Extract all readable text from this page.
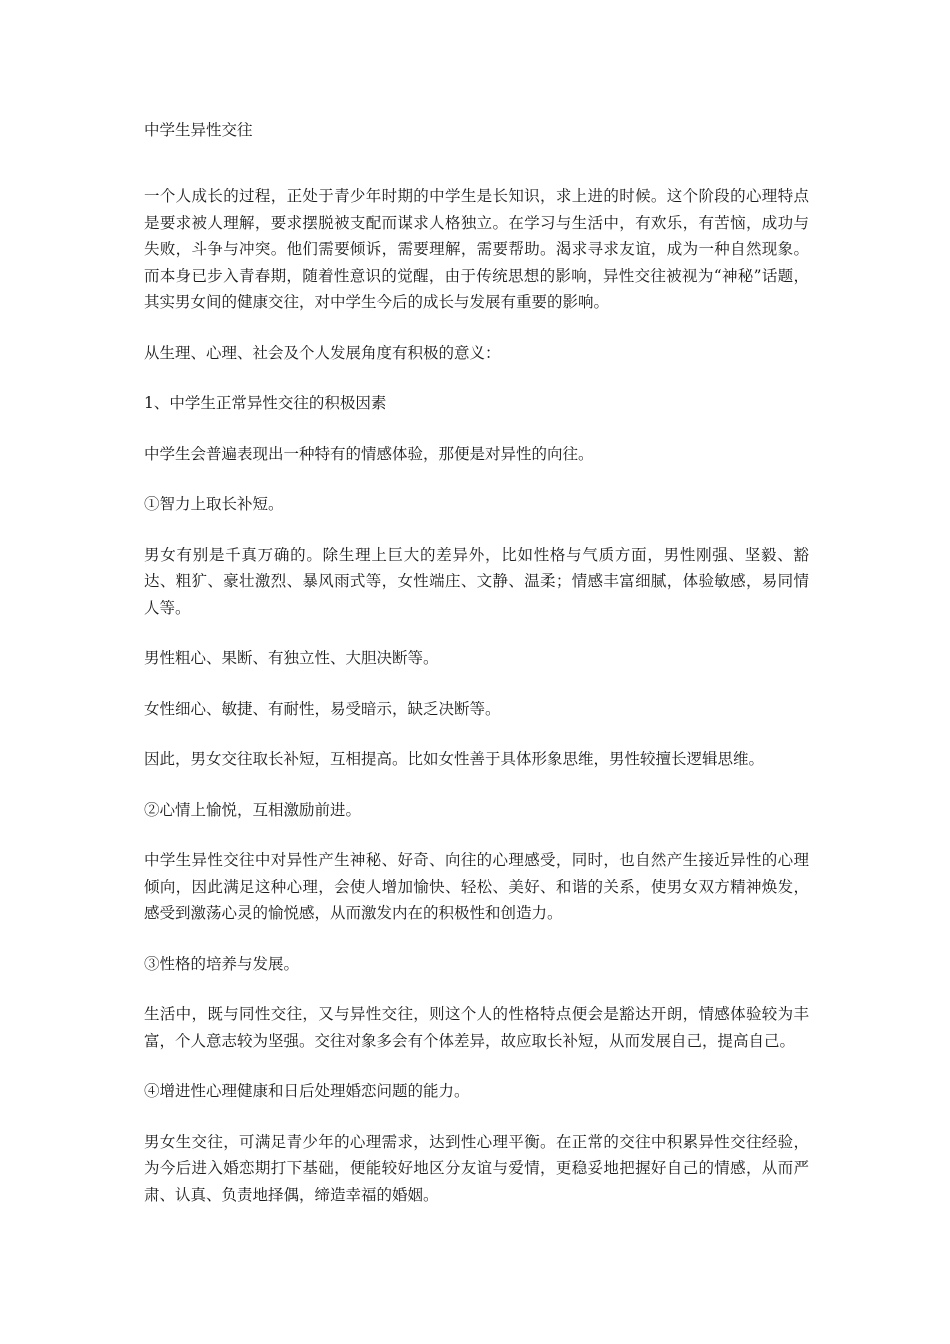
中学生异性交往

一个人成长的过程，正处于青少年时期的中学生是长知识，求上进的时候。这个阶段的心理特点是要求被人理解，要求摆脱被支配而谋求人格独立。在学习与生活中，有欢乐，有苦恼，成功与失败，斗争与冲突。他们需要倾诉，需要理解，需要帮助。渴求寻求友谊，成为一种自然现象。而本身已步入青春期，随着性意识的觉醒，由于传统思想的影响，异性交往被视为“神秘”话题，其实男女间的健康交往，对中学生今后的成长与发展有重要的影响。

从生理、心理、社会及个人发展角度有积极的意义：

1、中学生正常异性交往的积极因素

中学生会普遍表现出一种特有的情感体验，那便是对异性的向往。

①智力上取长补短。

男女有别是千真万确的。除生理上巨大的差异外，比如性格与气质方面，男性刚强、坚毅、豁达、粗犷、豪壮激烈、暴风雨式等，女性端庄、文静、温柔；情感丰富细腻，体验敏感，易同情人等。

男性粗心、果断、有独立性、大胆决断等。

女性细心、敏捷、有耐性，易受暗示，缺乏决断等。

因此，男女交往取长补短，互相提高。比如女性善于具体形象思维，男性较擅长逻辑思维。

②心情上愉悦，互相激励前进。

中学生异性交往中对异性产生神秘、好奇、向往的心理感受，同时，也自然产生接近异性的心理倾向，因此满足这种心理，会使人增加愉快、轻松、美好、和谐的关系，使男女双方精神焕发，感受到激荡心灵的愉悦感，从而激发内在的积极性和创造力。

③性格的培养与发展。

生活中，既与同性交往，又与异性交往，则这个人的性格特点便会是豁达开朗，情感体验较为丰富，个人意志较为坚强。交往对象多会有个体差异，故应取长补短，从而发展自己，提高自己。

④增进性心理健康和日后处理婚恋问题的能力。

男女生交往，可满足青少年的心理需求，达到性心理平衡。在正常的交往中积累异性交往经验，为今后进入婚恋期打下基础，便能较好地区分友谊与爱情，更稳妥地把握好自己的情感，从而严肃、认真、负责地择偶，缔造幸福的婚姻。
